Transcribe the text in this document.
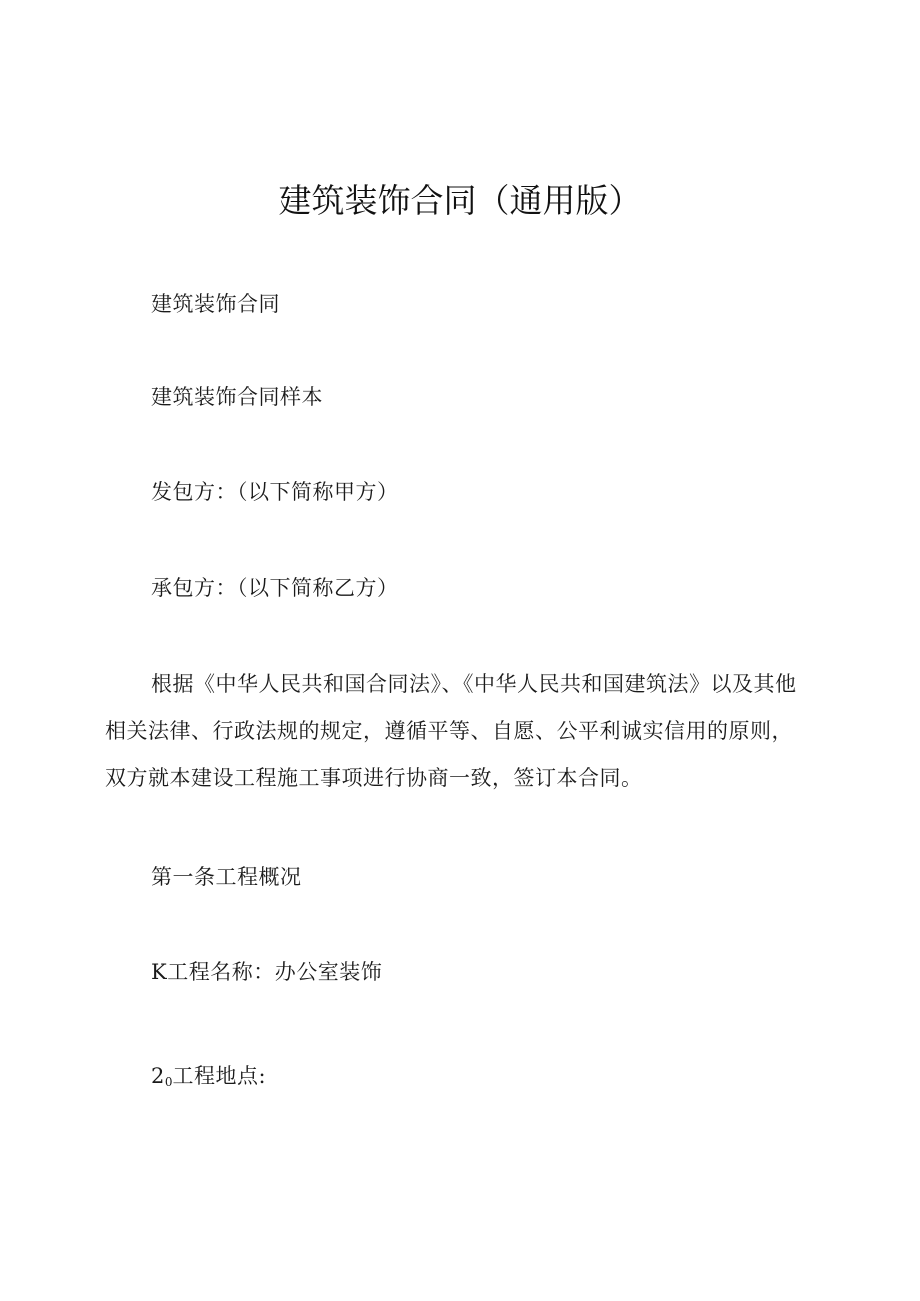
建筑装饰合同（通用版）

建筑装饰合同

建筑装饰合同样本

发包方：（以下简称甲方）

承包方：（以下简称乙方）

根据《中华人民共和国合同法》、《中华人民共和国建筑法》以及其他相关法律、行政法规的规定，遵循平等、自愿、公平利诚实信用的原则，双方就本建设工程施工事项进行协商一致，签订本合同。

第一条工程概况

K工程名称：办公室装饰

$2_0$工程地点:
